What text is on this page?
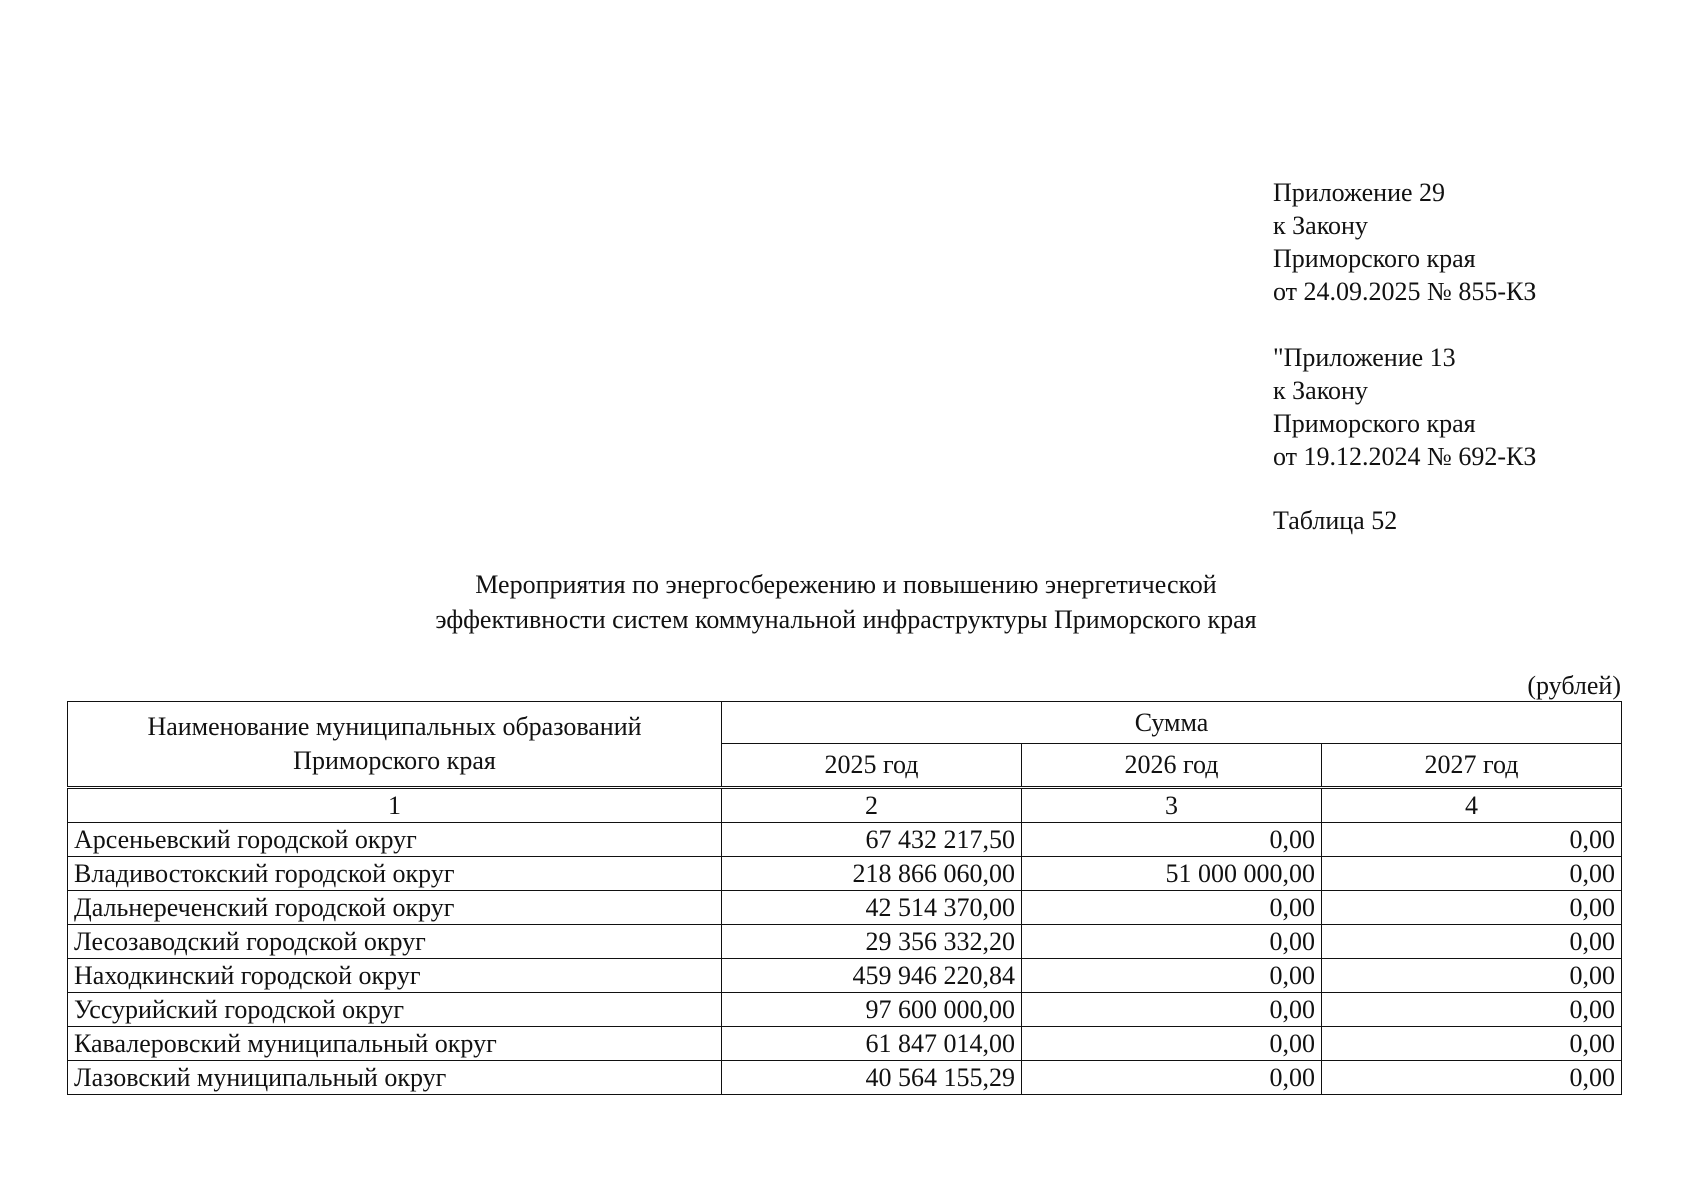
Приложение 29
к Закону
Приморского края
от 24.09.2025 № 855-КЗ
"Приложение 13
к Закону
Приморского края
от 19.12.2024 № 692-КЗ
Таблица 52
Мероприятия по энергосбережению и повышению энергетической
эффективности систем коммунальной инфраструктуры Приморского края
(рублей)
Наименование муниципальных образований Приморского края	Сумма		
	2025 год	2026 год	2027 год
1	2	3	4
Арсеньевский городской округ	67 432 217,50	0,00	0,00
Владивостокский городской округ	218 866 060,00	51 000 000,00	0,00
Дальнереченский городской округ	42 514 370,00	0,00	0,00
Лесозаводский городской округ	29 356 332,20	0,00	0,00
Находкинский городской округ	459 946 220,84	0,00	0,00
Уссурийский городской округ	97 600 000,00	0,00	0,00
Кавалеровский муниципальный округ	61 847 014,00	0,00	0,00
Лазовский муниципальный округ	40 564 155,29	0,00	0,00
